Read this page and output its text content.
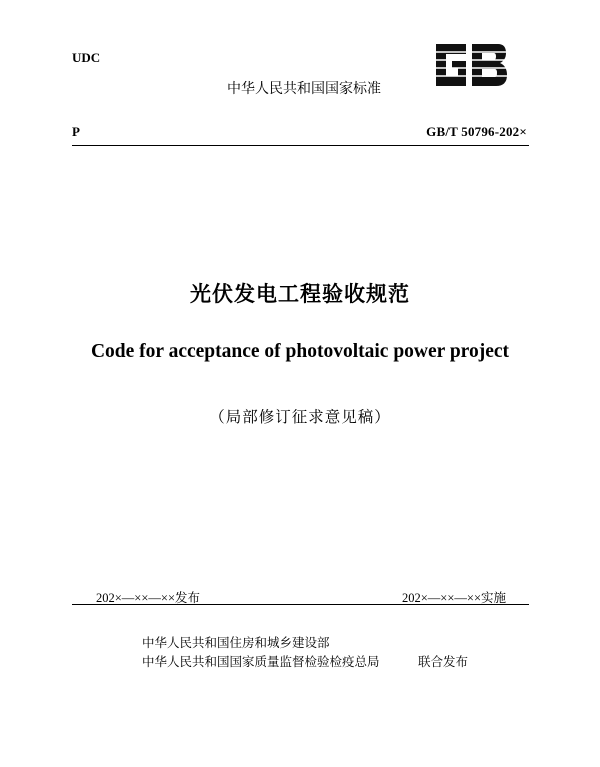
UDC
中华人民共和国国家标准
P	GB/T 50796-202×
光伏发电工程验收规范
Code for acceptance of photovoltaic power project
（局部修订征求意见稿）
202×—××—××发布	202×—××—××实施
中华人民共和国住房和城乡建设部
中华人民共和国国家质量监督检验检疫总局	联合发布
